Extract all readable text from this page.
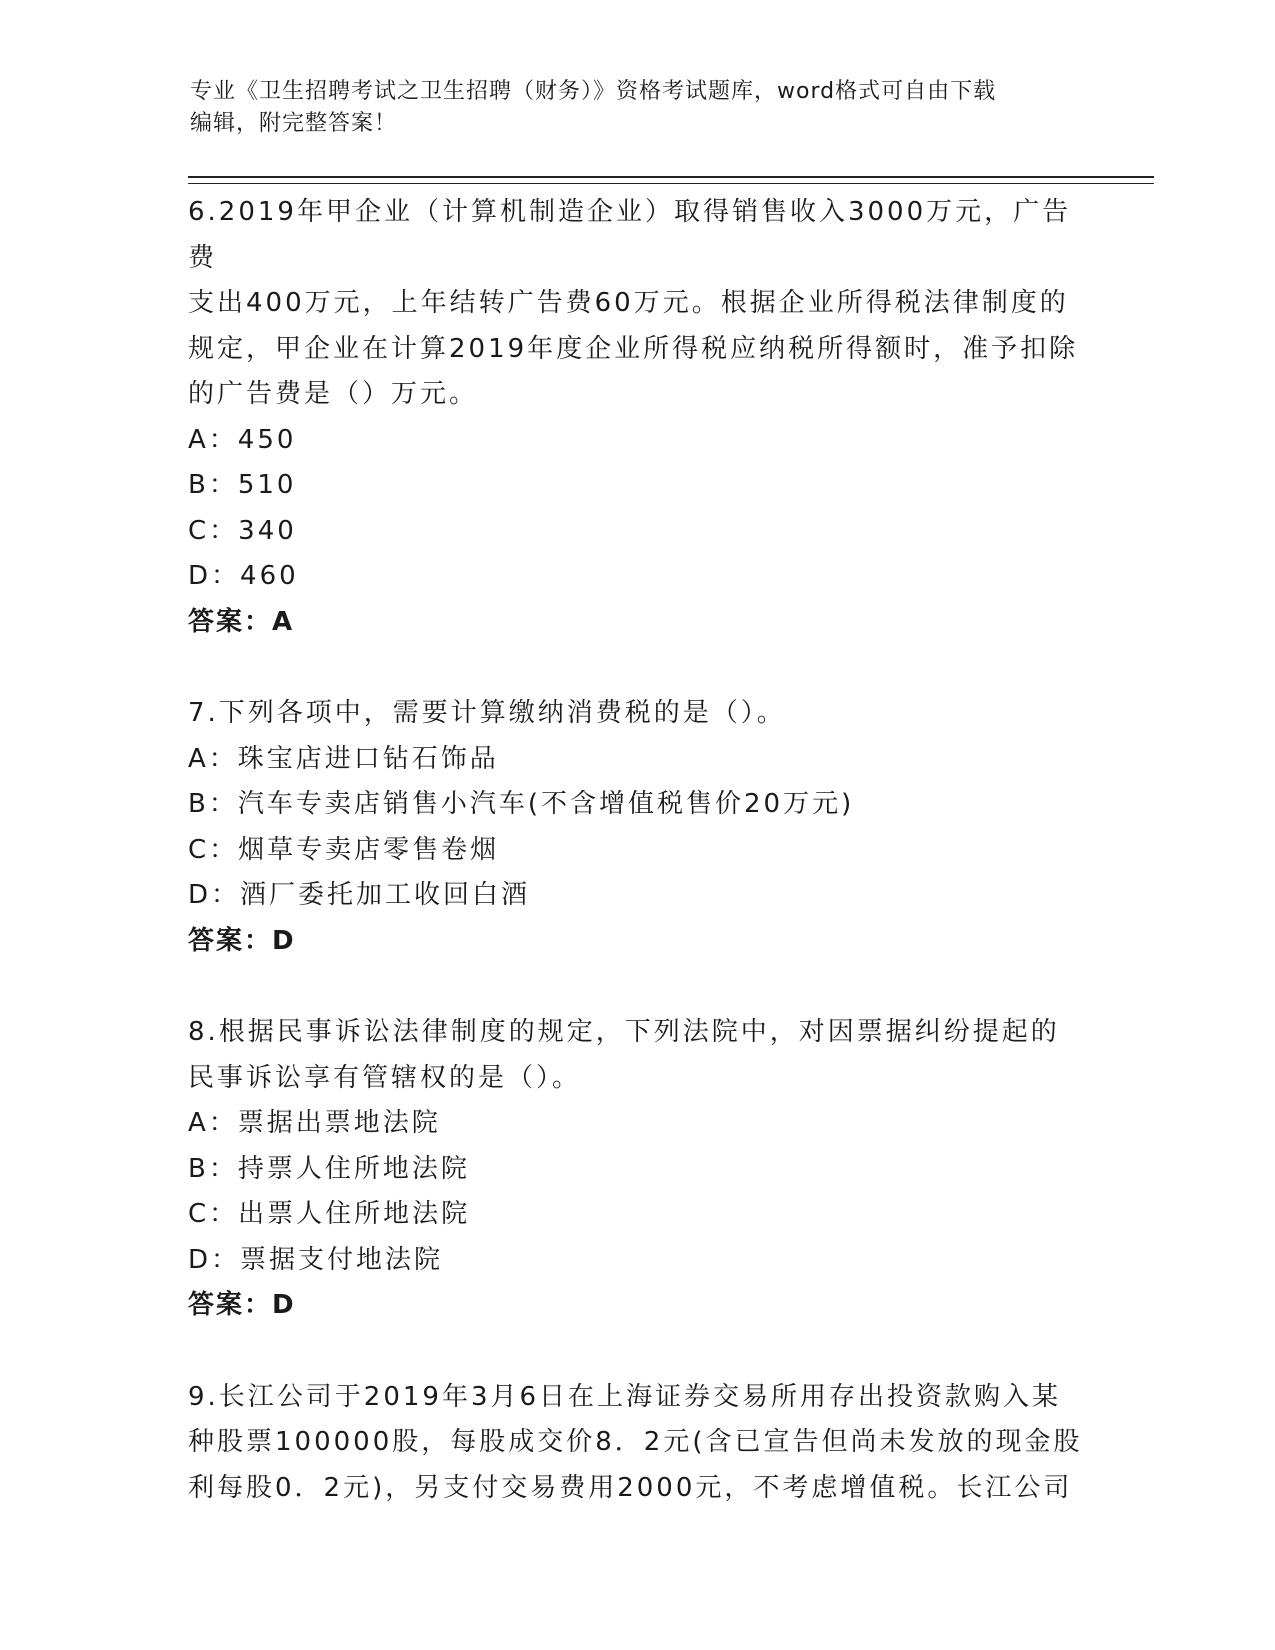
专业《卫生招聘考试之卫生招聘（财务）》资格考试题库，word格式可自由下载
编辑，附完整答案！

6.2019年甲企业（计算机制造企业）取得销售收入3000万元，广告费

支出400万元，上年结转广告费60万元。根据企业所得税法律制度的

规定，甲企业在计算2019年度企业所得税应纳税所得额时，准予扣除

的广告费是（）万元。

A：450

B：510

C：340

D：460

答案：A

7.下列各项中，需要计算缴纳消费税的是（）。

A：珠宝店进口钻石饰品

B：汽车专卖店销售小汽车(不含增值税售价20万元)

C：烟草专卖店零售卷烟

D：酒厂委托加工收回白酒

答案：D

8.根据民事诉讼法律制度的规定，下列法院中，对因票据纠纷提起的

民事诉讼享有管辖权的是（）。

A：票据出票地法院

B：持票人住所地法院

C：出票人住所地法院

D：票据支付地法院

答案：D

9.长江公司于2019年3月6日在上海证券交易所用存出投资款购入某

种股票100000股，每股成交价8．2元(含已宣告但尚未发放的现金股

利每股0．2元)，另支付交易费用2000元，不考虑增值税。长江公司
